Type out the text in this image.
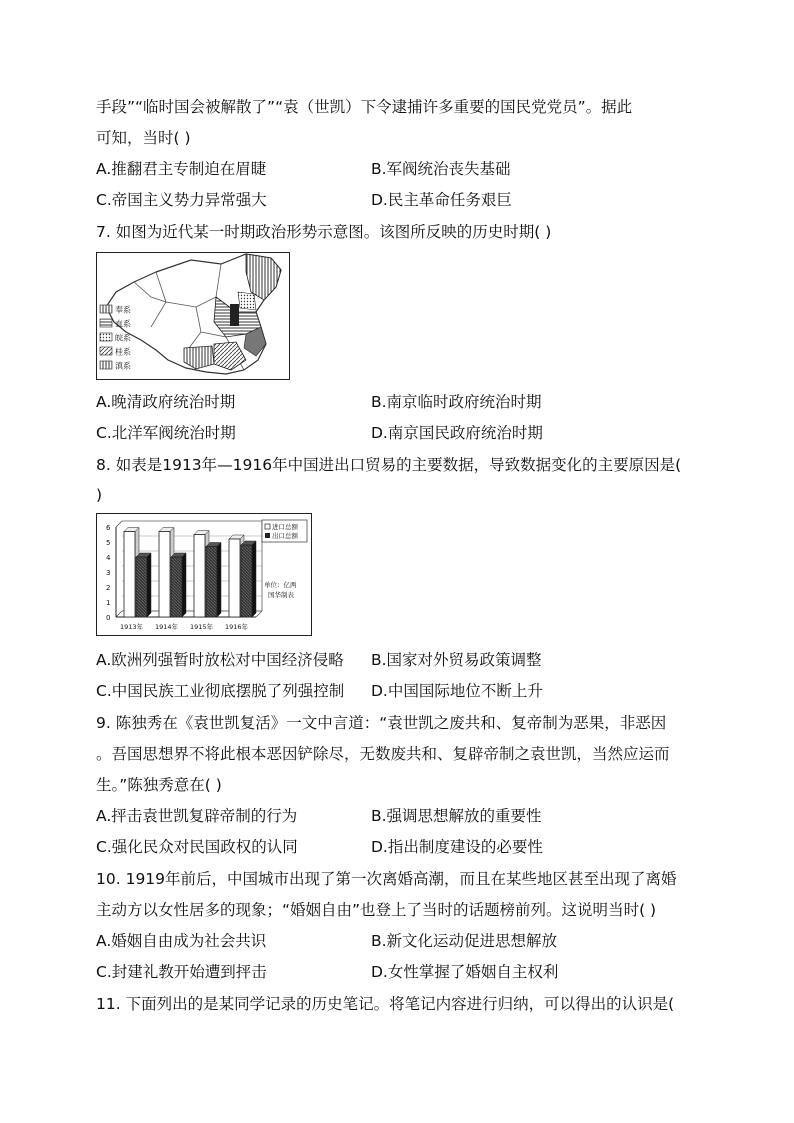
手段”“临时国会被解散了”“袁（世凯）下令逮捕许多重要的国民党党员”。据此
可知，当时( )
A.推翻君主专制迫在眉睫	B.军阀统治丧失基础
C.帝国主义势力异常强大	D.民主革命任务艰巨
7. 如图为近代某一时期政治形势示意图。该图所反映的历史时期( )
奉系
直系
皖系
桂系
滇系
A.晚清政府统治时期	B.南京临时政府统治时期
C.北洋军阀统治时期	D.南京国民政府统治时期
8. 如表是1913年—1916年中国进出口贸易的主要数据，导致数据变化的主要原因是(
)
0
1
2
3
4
5
6
1913年 1914年 1915年 1916年
进口总额
出口总额
单位：亿两
国华制表
A.欧洲列强暂时放松对中国经济侵略 B.国家对外贸易政策调整
C.中国民族工业彻底摆脱了列强控制 D.中国国际地位不断上升
9. 陈独秀在《袁世凯复活》一文中言道：“袁世凯之废共和、复帝制为恶果，非恶因
。吾国思想界不将此根本恶因铲除尽，无数废共和、复辟帝制之袁世凯，当然应运而
生。”陈独秀意在( )
A.抨击袁世凯复辟帝制的行为	B.强调思想解放的重要性
C.强化民众对民国政权的认同	D.指出制度建设的必要性
10. 1919年前后，中国城市出现了第一次离婚高潮，而且在某些地区甚至出现了离婚
主动方以女性居多的现象；“婚姻自由”也登上了当时的话题榜前列。这说明当时( )
A.婚姻自由成为社会共识	B.新文化运动促进思想解放
C.封建礼教开始遭到抨击	D.女性掌握了婚姻自主权利
11. 下面列出的是某同学记录的历史笔记。将笔记内容进行归纳，可以得出的认识是(
